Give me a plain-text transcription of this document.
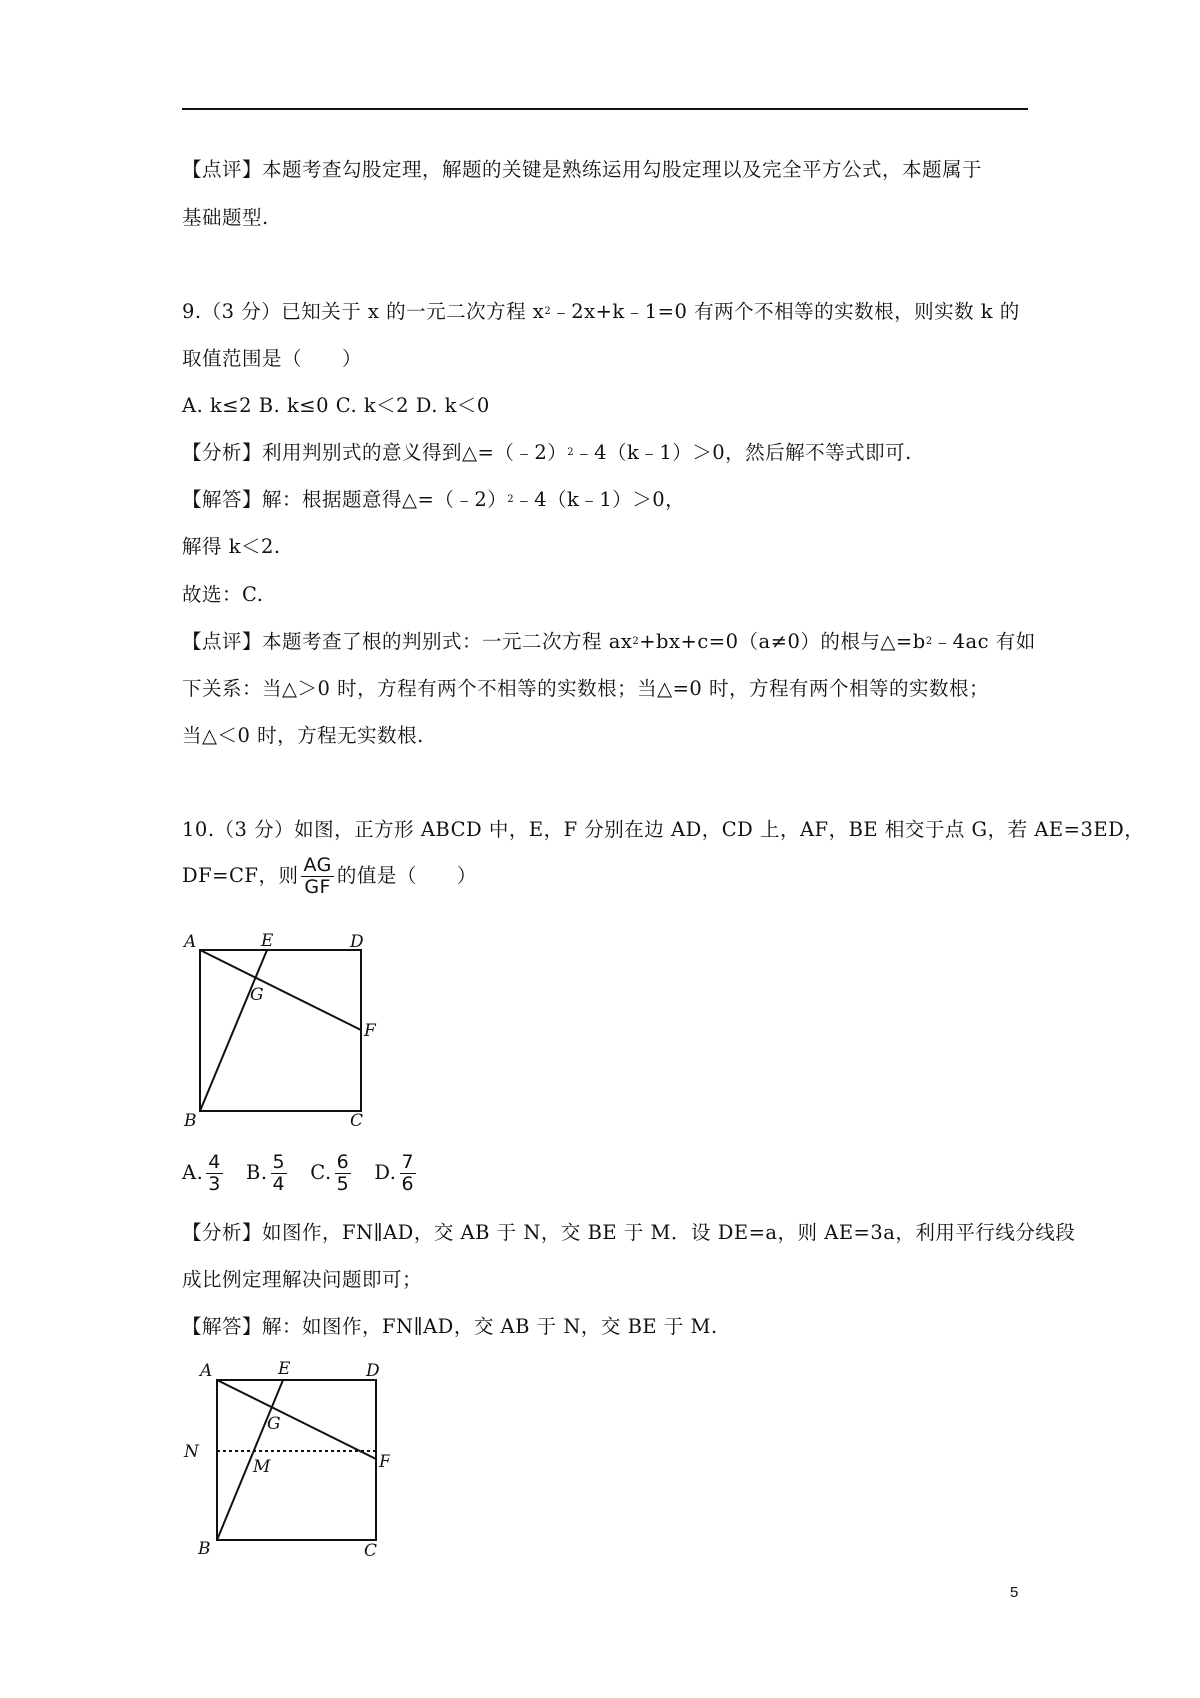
【点评】本题考查勾股定理，解题的关键是熟练运用勾股定理以及完全平方公式，本题属于
基础题型.
9.（3 分）已知关于 x 的一元二次方程 $x^2﹣2x+k﹣1=0$ 有两个不相等的实数根，则实数 k 的
取值范围是（　　）
A. k≤2 B. k≤0 C. k＜2 D. k＜0
【分析】利用判别式的意义得到△=（﹣2）$^2$﹣4（k﹣1）＞0，然后解不等式即可.
【解答】解：根据题意得△=（﹣2）$^2$﹣4（k﹣1）＞0，
解得 k＜2.
故选：C.
【点评】本题考查了根的判别式：一元二次方程 $ax^2+bx+c=0(a\ne 0)$的根与$\triangle=b^2﹣4ac$ 有如
下关系：当△＞0 时，方程有两个不相等的实数根；当△=0 时，方程有两个相等的实数根；
当△＜0 时，方程无实数根.
10.（3 分）如图，正方形 ABCD 中，E，F 分别在边 AD，CD 上，AF，BE 相交于点 G，若 AE=3ED，
DF=CF，则 $\frac{AG}{GF}$ 的值是（　　）
A	E	D
G
F
B	C
A. $\frac{4}{3} B$. $\frac{5}{4} C$. $\frac{6}{5} D$. $\frac{7}{6}$
【分析】如图作，FN∥AD，交 AB 于 N，交 BE 于 M．设 DE=a，则 AE=3a，利用平行线分线段
成比例定理解决问题即可；
【解答】解：如图作，FN∥AD，交 AB 于 N，交 BE 于 M.
A	E	D
G
F
N
M
B	C
5
